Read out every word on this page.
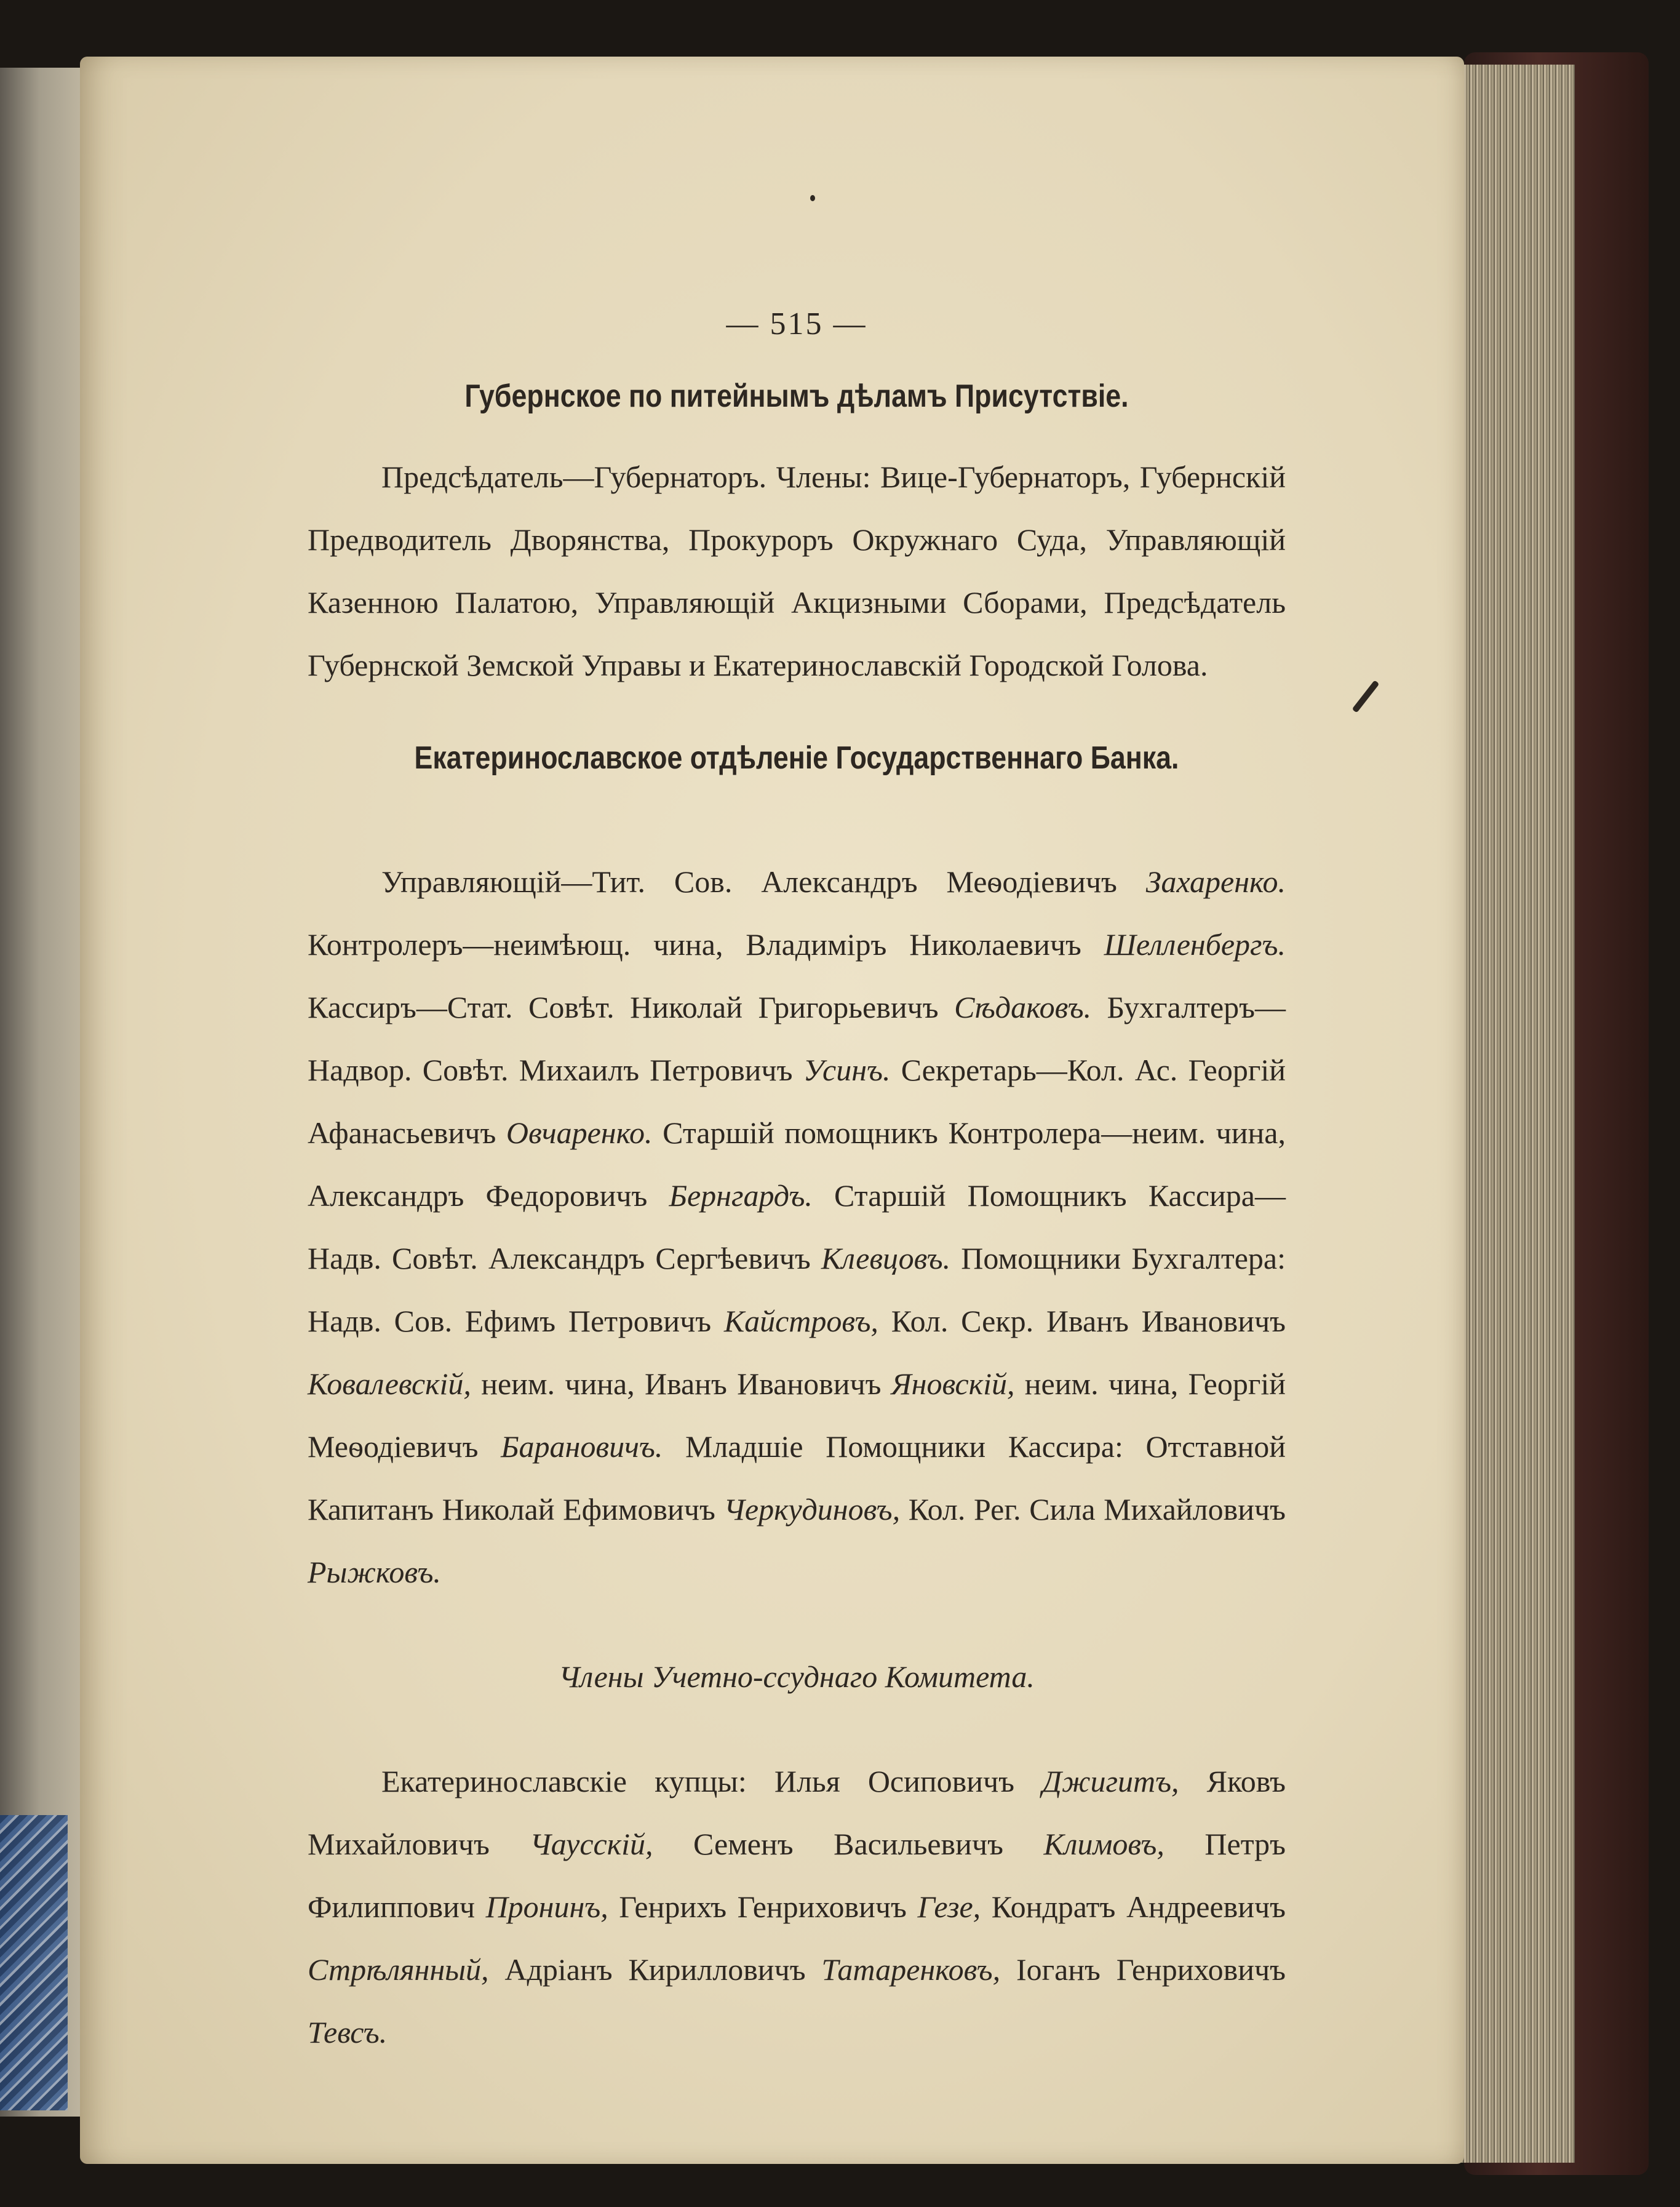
— 515 —
Губернское по питейнымъ дѣламъ Присутствіе.

Предсѣдатель—Губернаторъ. Члены: Вице-Губернаторъ, Губернскій Предводитель Дворянства, Прокуроръ Окружнаго Суда, Управляющій Казенною Палатою, Управляющій Акцизными Сборами, Предсѣдатель Губернской Земской Управы и Екатеринославскій Городской Голова.

Екатеринославское отдѣленіе Государственнаго Банка.

Управляющій—Тит. Сов. Александръ Меѳодіевичъ Захаренко. Контролеръ—неимѣющ. чина, Владиміръ Николаевичъ Шелленбергъ. Кассиръ—Стат. Совѣт. Николай Григорьевичъ Сѣдаковъ. Бухгалтеръ—Надвор. Совѣт. Михаилъ Петровичъ Усинъ. Секретарь—Кол. Ас. Георгій Афанасьевичъ Овчаренко. Старшій помощникъ Контролера—неим. чина, Александръ Федоровичъ Бернгардъ. Старшій Помощникъ Кассира—Надв. Совѣт. Александръ Сергѣевичъ Клевцовъ. Помощники Бухгалтера: Надв. Сов. Ефимъ Петровичъ Кайстровъ, Кол. Секр. Иванъ Ивановичъ Ковалевскій, неим. чина, Иванъ Ивановичъ Яновскій, неим. чина, Георгій Меѳодіевичъ Барановичъ. Младшіе Помощники Кассира: Отставной Капитанъ Николай Ефимовичъ Черкудиновъ, Кол. Рег. Сила Михайловичъ Рыжковъ.

Члены Учетно-ссуднаго Комитета.

Екатеринославскіе купцы: Илья Осиповичъ Джигитъ, Яковъ Михайловичъ Чаусскій, Семенъ Васильевичъ Климовъ, Петръ Филиппович Пронинъ, Генрихъ Генриховичъ Гезе, Кондратъ Андреевичъ Стрѣлянный, Адріанъ Кирилловичъ Татаренковъ, Іоганъ Генриховичъ Тевсъ.
